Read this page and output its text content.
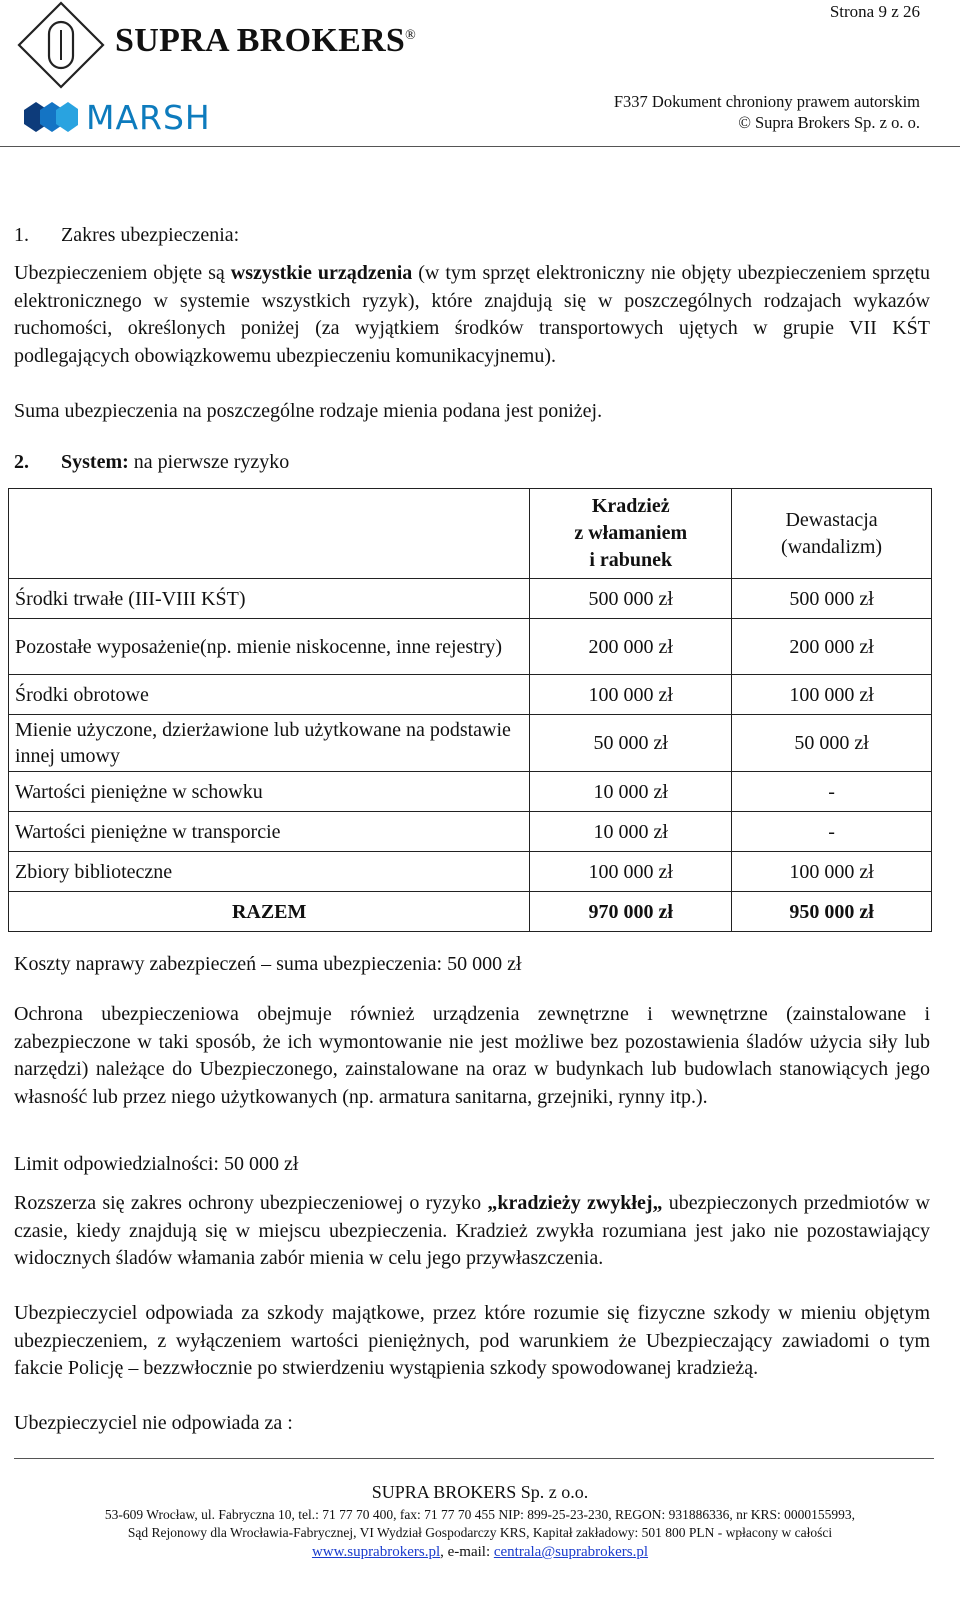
SUPRA BROKERS®
MARSH
Strona 9 z 26
F337 Dokument chroniony prawem autorskim
© Supra Brokers Sp. z o. o.
1. Zakres ubezpieczenia:
Ubezpieczeniem objęte są wszystkie urządzenia (w tym sprzęt elektroniczny nie objęty ubezpieczeniem sprzętu elektronicznego w systemie wszystkich ryzyk), które znajdują się w poszczególnych rodzajach wykazów ruchomości, określonych poniżej (za wyjątkiem środków transportowych ujętych w grupie VII KŚT podlegających obowiązkowemu ubezpieczeniu komunikacyjnemu).
Suma ubezpieczenia na poszczególne rodzaje mienia podana jest poniżej.
2. System: na pierwsze ryzyko
	Kradzież
z włamaniem
i rabunek	Dewastacja
(wandalizm)
Środki trwałe (III-VIII KŚT)	500 000 zł	500 000 zł
Pozostałe wyposażenie(np. mienie niskocenne, inne rejestry)	200 000 zł	200 000 zł
Środki obrotowe	100 000 zł	100 000 zł
Mienie użyczone, dzierżawione lub użytkowane na podstawie innej umowy	50 000 zł	50 000 zł
Wartości pieniężne w schowku	10 000 zł	-
Wartości pieniężne w transporcie	10 000 zł	-
Zbiory biblioteczne	100 000 zł	100 000 zł
RAZEM	970 000 zł	950 000 zł
Koszty naprawy zabezpieczeń – suma ubezpieczenia: 50 000 zł
Ochrona ubezpieczeniowa obejmuje również urządzenia zewnętrzne i wewnętrzne (zainstalowane i zabezpieczone w taki sposób, że ich wymontowanie nie jest możliwe bez pozostawienia śladów użycia siły lub narzędzi) należące do Ubezpieczonego, zainstalowane na oraz w budynkach lub budowlach stanowiących jego własność lub przez niego użytkowanych (np. armatura sanitarna, grzejniki, rynny itp.).
Limit odpowiedzialności: 50 000 zł
Rozszerza się zakres ochrony ubezpieczeniowej o ryzyko „kradzieży zwykłej„ ubezpieczonych przedmiotów w czasie, kiedy znajdują się w miejscu ubezpieczenia. Kradzież zwykła rozumiana jest jako nie pozostawiający widocznych śladów włamania zabór mienia w celu jego przywłaszczenia.
Ubezpieczyciel odpowiada za szkody majątkowe, przez które rozumie się fizyczne szkody w mieniu objętym ubezpieczeniem, z wyłączeniem wartości pieniężnych, pod warunkiem że Ubezpieczający zawiadomi o tym fakcie Policję – bezzwłocznie po stwierdzeniu wystąpienia szkody spowodowanej kradzieżą.
Ubezpieczyciel nie odpowiada za :
SUPRA BROKERS Sp. z o.o.
53-609 Wrocław, ul. Fabryczna 10, tel.: 71 77 70 400, fax: 71 77 70 455 NIP: 899-25-23-230, REGON: 931886336, nr KRS: 0000155993,
Sąd Rejonowy dla Wrocławia-Fabrycznej, VI Wydział Gospodarczy KRS, Kapitał zakładowy: 501 800 PLN - wpłacony w całości
www.suprabrokers.pl, e-mail: centrala@suprabrokers.pl
